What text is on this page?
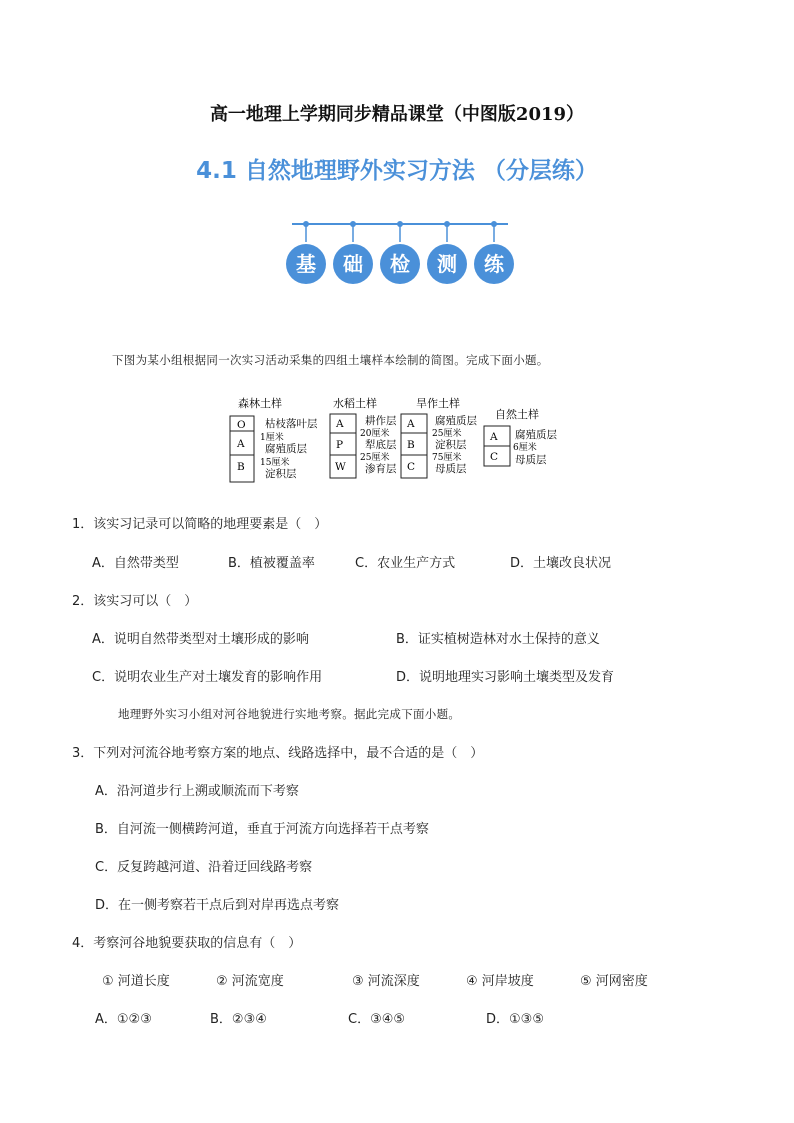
高一地理上学期同步精品课堂（中图版2019）
4.1 自然地理野外实习方法 （分层练）
基 础 检 测 练
下图为某小组根据同一次实习活动采集的四组土壤样本绘制的简图。完成下面小题。
森林土样
O
A
B
枯枝落叶层
1厘米
腐殖质层
15厘米
淀积层
水稻土样
A
P
W
耕作层
20厘米
犁底层
25厘米
渗育层
旱作土样
A
B
C
腐殖质层
25厘米
淀积层
75厘米
母质层
自然土样
A
C
腐殖质层
6厘米
母质层
1．该实习记录可以简略的地理要素是（　）
A．自然带类型	B．植被覆盖率	C．农业生产方式	D．土壤改良状况
2．该实习可以（　）
A．说明自然带类型对土壤形成的影响	B．证实植树造林对水土保持的意义
C．说明农业生产对土壤发育的影响作用	D．说明地理实习影响土壤类型及发育
地理野外实习小组对河谷地貌进行实地考察。据此完成下面小题。
3．下列对河流谷地考察方案的地点、线路选择中，最不合适的是（　）
A．沿河道步行上溯或顺流而下考察
B．自河流一侧横跨河道，垂直于河流方向选择若干点考察
C．反复跨越河道、沿着迂回线路考察
D．在一侧考察若干点后到对岸再选点考察
4．考察河谷地貌要获取的信息有（　）
① 河道长度	② 河流宽度	③ 河流深度	④ 河岸坡度	⑤ 河网密度
A．①②③	B．②③④	C．③④⑤	D．①③⑤
